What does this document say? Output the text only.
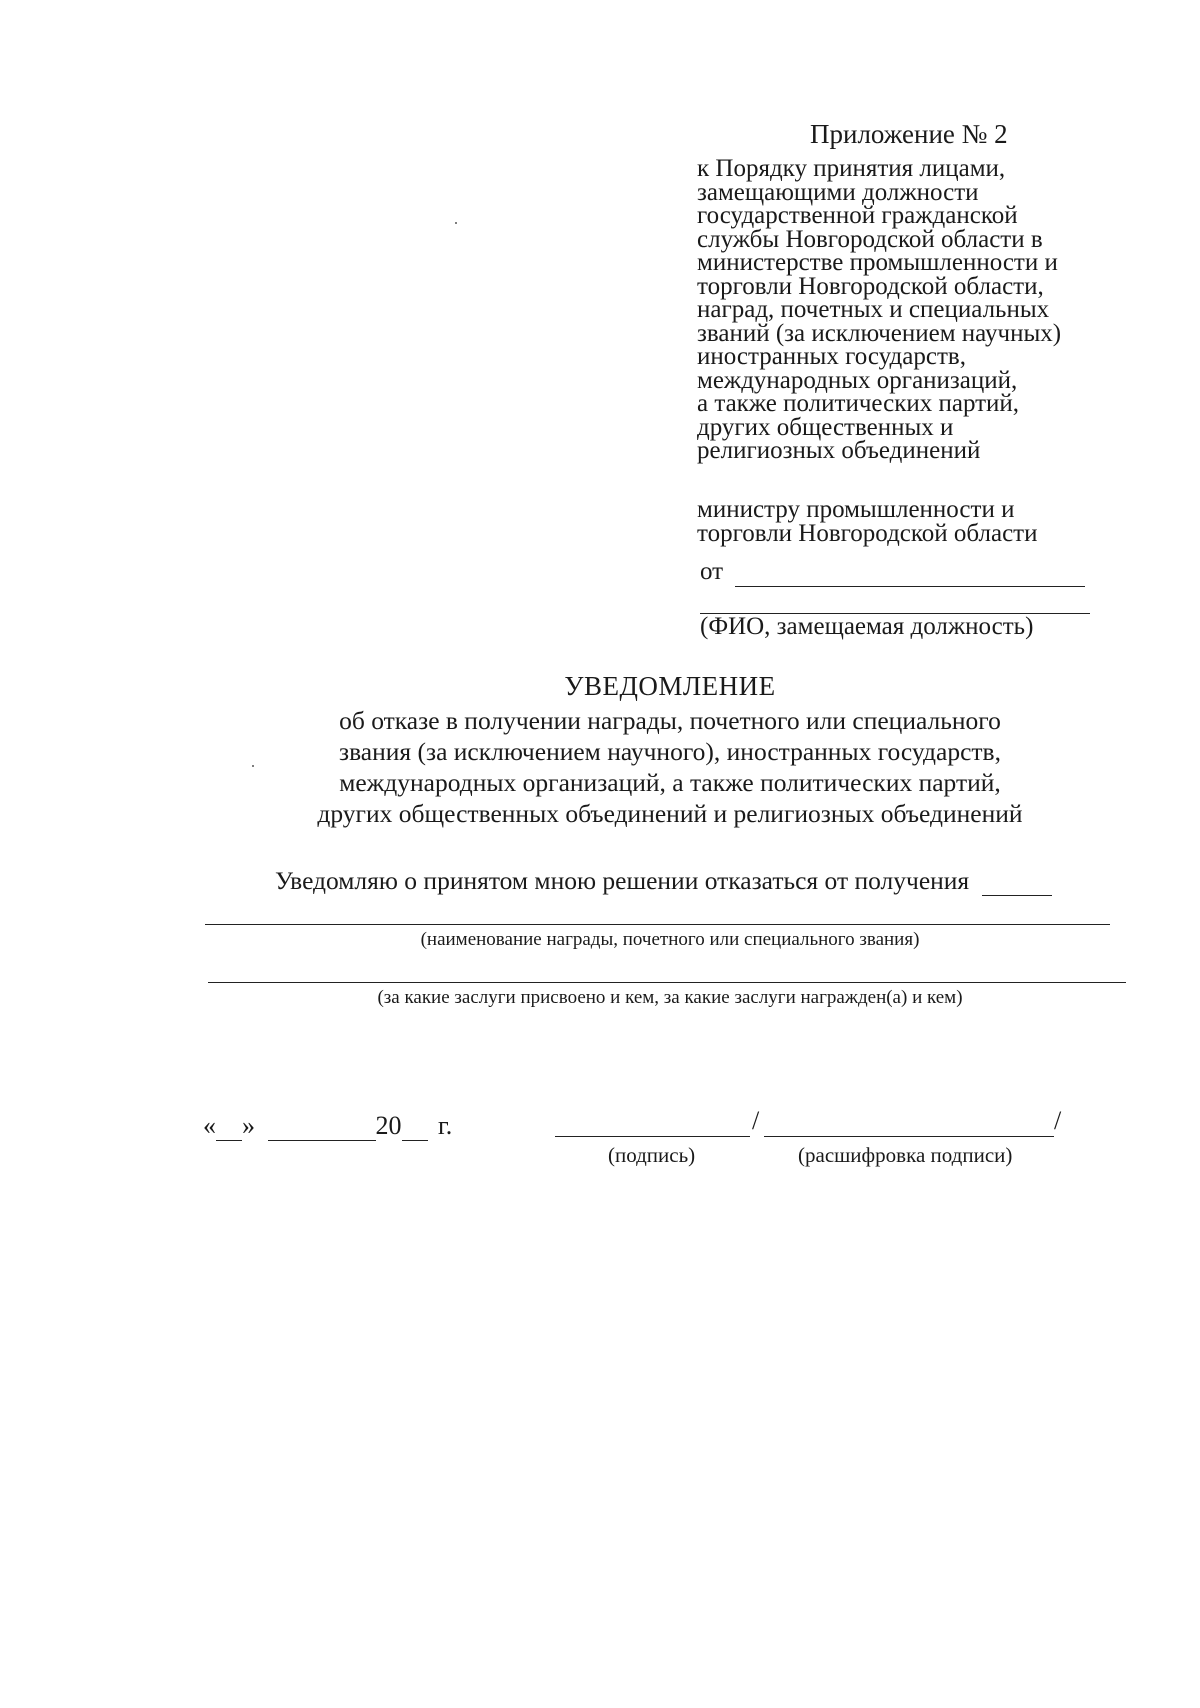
Приложение № 2

к Порядку принятия лицами,
замещающими должности
государственной гражданской
службы Новгородской области в
министерстве промышленности и
торговли Новгородской области,
наград, почетных и специальных
званий (за исключением научных)
иностранных государств,
международных организаций,
а также политических партий,
других общественных и
религиозных объединений

министру промышленности и
торговли Новгородской области
от
(ФИО, замещаемая должность)
УВЕДОМЛЕНИЕ
об отказе в получении награды, почетного или специального
звания (за исключением научного), иностранных государств,
международных организаций, а также политических партий,
других общественных объединений и религиозных объединений
Уведомляю о принятом мною решении отказаться от получения
(наименование награды, почетного или специального звания)
(за какие заслуги присвоено и кем, за какие заслуги награжден(а) и кем)
« »	20 г.	/	/
(подпись)	(расшифровка подписи)
